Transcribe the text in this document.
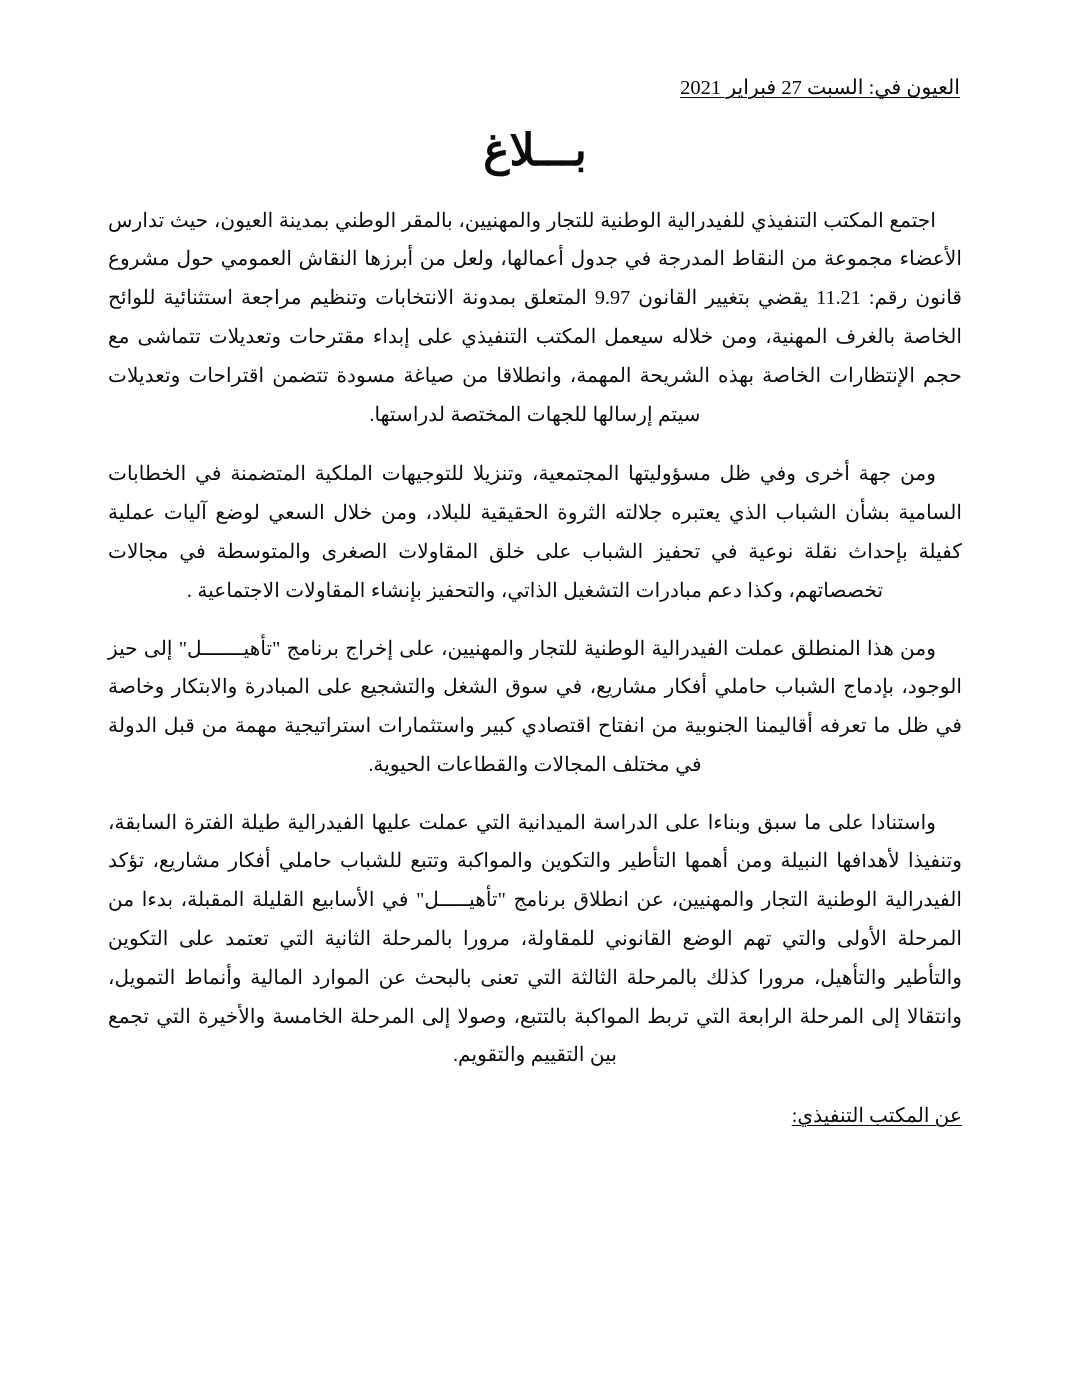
العيون في: السبت 27 فبراير 2021
بـــلاغ

اجتمع المكتب التنفيذي للفيدرالية الوطنية للتجار والمهنيين، بالمقر الوطني بمدينة العيون، حيث تدارس الأعضاء مجموعة من النقاط المدرجة في جدول أعمالها، ولعل من أبرزها النقاش العمومي حول مشروع قانون رقم: 11.21 يقضي بتغيير القانون 9.97 المتعلق بمدونة الانتخابات وتنظيم مراجعة استثنائية للوائح الخاصة بالغرف المهنية، ومن خلاله سيعمل المكتب التنفيذي على إبداء مقترحات وتعديلات تتماشى مع حجم الإنتظارات الخاصة بهذه الشريحة المهمة، وانطلاقا من صياغة مسودة تتضمن اقتراحات وتعديلات سيتم إرسالها للجهات المختصة لدراستها.

ومن جهة أخرى وفي ظل مسؤوليتها المجتمعية، وتنزيلا للتوجيهات الملكية المتضمنة في الخطابات السامية بشأن الشباب الذي يعتبره جلالته الثروة الحقيقية للبلاد، ومن خلال السعي لوضع آليات عملية كفيلة بإحداث نقلة نوعية في تحفيز الشباب على خلق المقاولات الصغرى والمتوسطة في مجالات تخصصاتهم، وكذا دعم مبادرات التشغيل الذاتي، والتحفيز بإنشاء المقاولات الاجتماعية .

ومن هذا المنطلق عملت الفيدرالية الوطنية للتجار والمهنيين، على إخراج برنامج "تأهيـــــــل" إلى حيز الوجود، بإدماج الشباب حاملي أفكار مشاريع، في سوق الشغل والتشجيع على المبادرة والابتكار وخاصة في ظل ما تعرفه أقاليمنا الجنوبية من انفتاح اقتصادي كبير واستثمارات استراتيجية مهمة من قبل الدولة في مختلف المجالات والقطاعات الحيوية.

واستنادا على ما سبق وبناءا على الدراسة الميدانية التي عملت عليها الفيدرالية طيلة الفترة السابقة، وتنفيذا لأهدافها النبيلة ومن أهمها التأطير والتكوين والمواكبة وتتبع للشباب حاملي أفكار مشاريع، تؤكد الفيدرالية الوطنية التجار والمهنيين، عن انطلاق برنامج "تأهيـــــل" في الأسابيع القليلة المقبلة، بدءا من المرحلة الأولى والتي تهم الوضع القانوني للمقاولة، مرورا بالمرحلة الثانية التي تعتمد على التكوين والتأطير والتأهيل، مرورا كذلك بالمرحلة الثالثة التي تعنى بالبحث عن الموارد المالية وأنماط التمويل، وانتقالا إلى المرحلة الرابعة التي تربط المواكبة بالتتبع، وصولا إلى المرحلة الخامسة والأخيرة التي تجمع بين التقييم والتقويم.

عن المكتب التنفيذي:
